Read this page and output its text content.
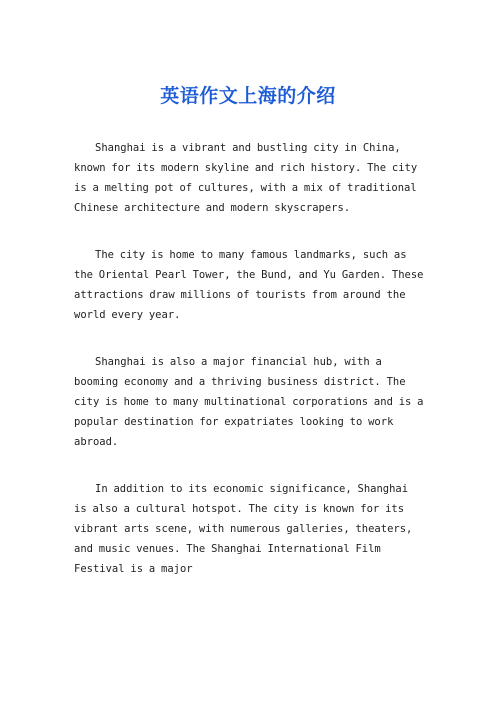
英语作文上海的介绍

Shanghai is a vibrant and bustling city in China, known for its modern skyline and rich history. The city is a melting pot of cultures, with a mix of traditional Chinese architecture and modern skyscrapers.

The city is home to many famous landmarks, such as the Oriental Pearl Tower, the Bund, and Yu Garden. These attractions draw millions of tourists from around the world every year.

Shanghai is also a major financial hub, with a booming economy and a thriving business district. The city is home to many multinational corporations and is a popular destination for expatriates looking to work abroad.

In addition to its economic significance, Shanghai is also a cultural hotspot. The city is known for its vibrant arts scene, with numerous galleries, theaters, and music venues. The Shanghai International Film Festival is a major
